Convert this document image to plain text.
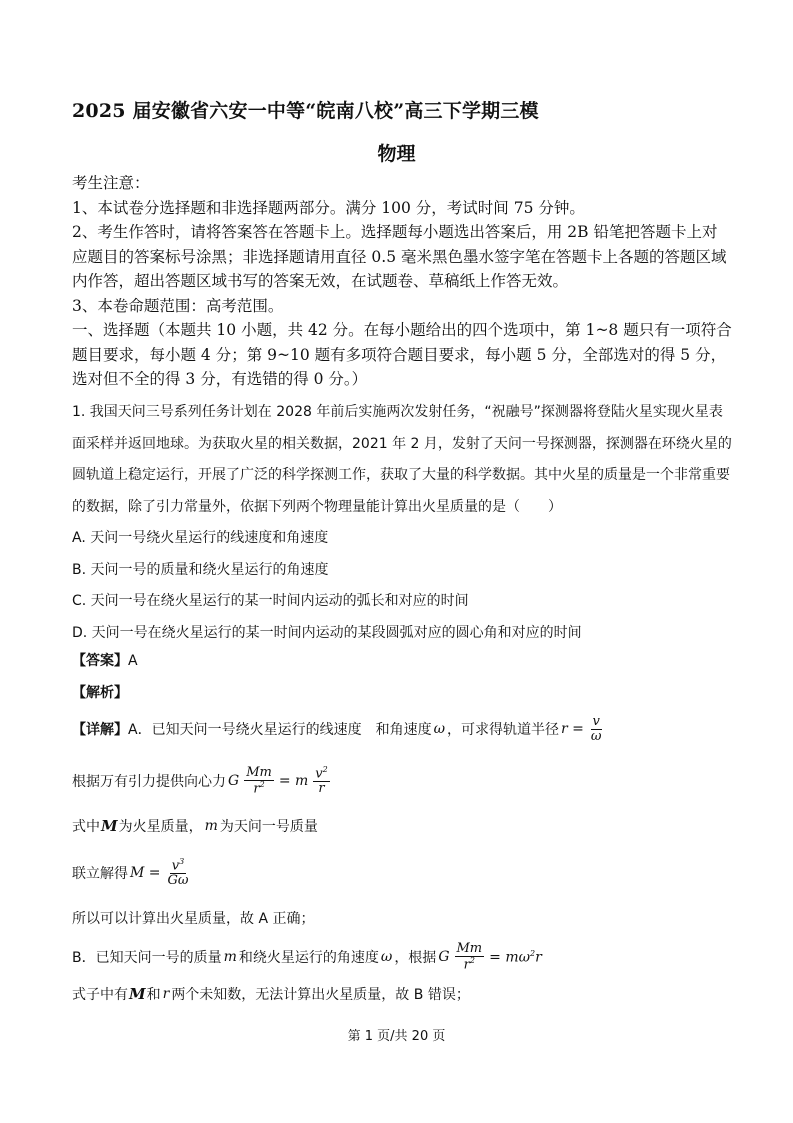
2025 届安徽省六安一中等“皖南八校”高三下学期三模
物理

考生注意：

1、本试卷分选择题和非选择题两部分。满分 100 分，考试时间 75 分钟。

2、考生作答时，请将答案答在答题卡上。选择题每小题选出答案后，用 2B 铅笔把答题卡上对应题目的答案标号涂黑；非选择题请用直径 0.5 毫米黑色墨水签字笔在答题卡上各题的答题区域内作答，超出答题区域书写的答案无效，在试题卷、草稿纸上作答无效。

3、本卷命题范围：高考范围。

一、选择题（本题共 10 小题，共 42 分。在每小题给出的四个选项中，第 1~8 题只有一项符合题目要求，每小题 4 分；第 9~10 题有多项符合题目要求，每小题 5 分，全部选对的得 5 分，选对但不全的得 3 分，有选错的得 0 分。）

1. 我国天问三号系列任务计划在 2028 年前后实施两次发射任务，“祝融号”探测器将登陆火星实现火星表面采样并返回地球。为获取火星的相关数据，2021 年 2 月，发射了天问一号探测器，探测器在环绕火星的圆轨道上稳定运行，开展了广泛的科学探测工作，获取了大量的科学数据。其中火星的质量是一个非常重要的数据，除了引力常量外，依据下列两个物理量能计算出火星质量的是（　　）

A. 天问一号绕火星运行的线速度和角速度

B. 天问一号的质量和绕火星运行的角速度

C. 天问一号在绕火星运行的某一时间内运动的弧长和对应的时间

D. 天问一号在绕火星运行的某一时间内运动的某段圆弧对应的圆心角和对应的时间

【答案】A
【解析】
【详解】 A．已知天问一号绕火星运行的线速度 和角速度 ω ，可求得轨道半径 $r = \frac{v}{\omega}$
根据万有引力提供向心力 G $\frac{Mm}{r^2} = m \frac{v^2}{r}$
式中 M 为火星质量， m 为天问一号质量
联立解得 $M = \frac{v^3}{G\omega}$
所以可以计算出火星质量，故 A 正确；
B．已知天问一号的质量 m 和绕火星运行的角速度 ω ，根据 G $\frac{Mm}{r^2} = m\omega^2r$
式子中有 M 和 r 两个未知数，无法计算出火星质量，故 B 错误；
第 1 页/共 20 页
